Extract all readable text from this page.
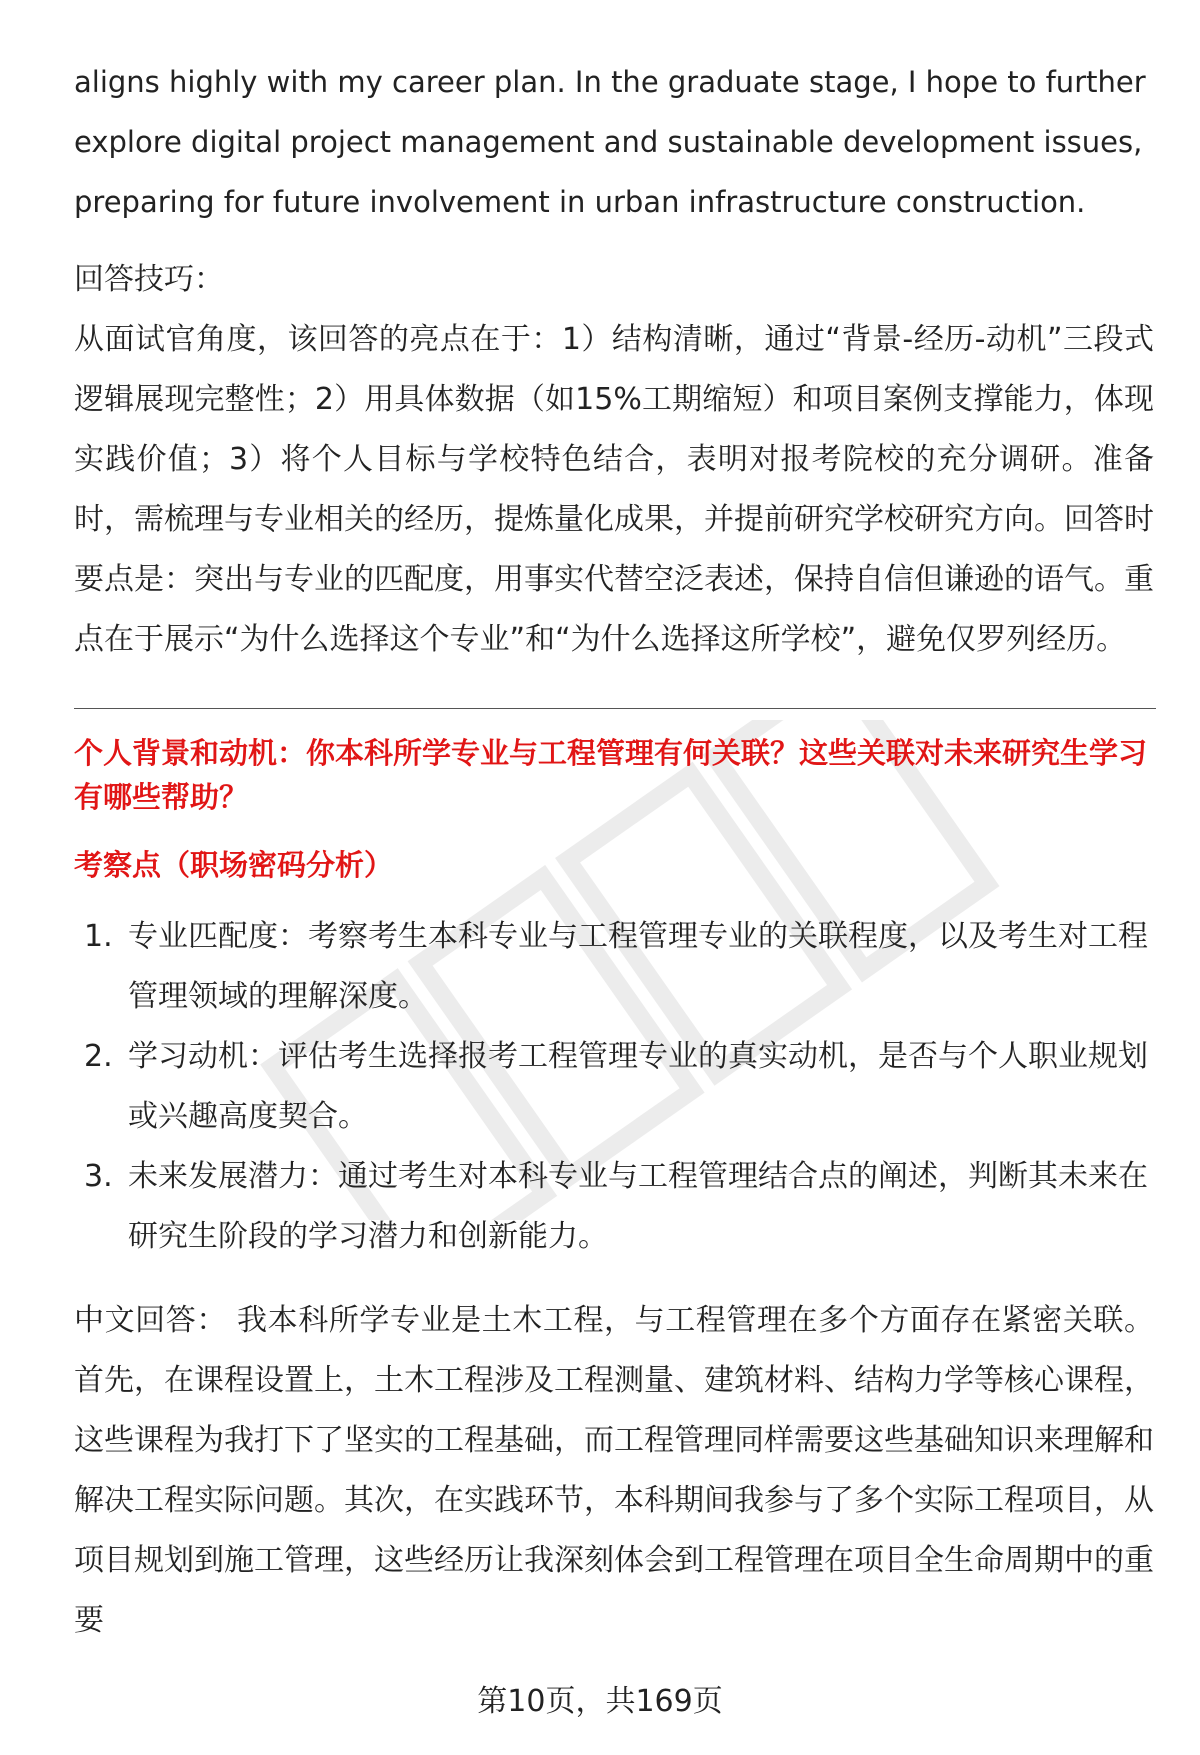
aligns highly with my career plan. In the graduate stage, I hope to further explore digital project management and sustainable development issues, preparing for future involvement in urban infrastructure construction.

回答技巧：

从面试官角度，该回答的亮点在于：1）结构清晰，通过“背景-经历-动机”三段式逻辑展现完整性；2）用具体数据（如15%工期缩短）和项目案例支撑能力，体现实践价值；3）将个人目标与学校特色结合，表明对报考院校的充分调研。准备时，需梳理与专业相关的经历，提炼量化成果，并提前研究学校研究方向。回答时要点是：突出与专业的匹配度，用事实代替空泛表述，保持自信但谦逊的语气。重点在于展示“为什么选择这个专业”和“为什么选择这所学校”，避免仅罗列经历。

个人背景和动机：你本科所学专业与工程管理有何关联？这些关联对未来研究生学习有哪些帮助？

考察点（职场密码分析）

1. 专业匹配度：考察考生本科专业与工程管理专业的关联程度，以及考生对工程管理领域的理解深度。
2. 学习动机：评估考生选择报考工程管理专业的真实动机，是否与个人职业规划或兴趣高度契合。
3. 未来发展潜力：通过考生对本科专业与工程管理结合点的阐述，判断其未来在研究生阶段的学习潜力和创新能力。

中文回答： 我本科所学专业是土木工程，与工程管理在多个方面存在紧密关联。首先，在课程设置上，土木工程涉及工程测量、建筑材料、结构力学等核心课程，这些课程为我打下了坚实的工程基础，而工程管理同样需要这些基础知识来理解和解决工程实际问题。其次，在实践环节，本科期间我参与了多个实际工程项目，从项目规划到施工管理，这些经历让我深刻体会到工程管理在项目全生命周期中的重要

第10页，共169页
